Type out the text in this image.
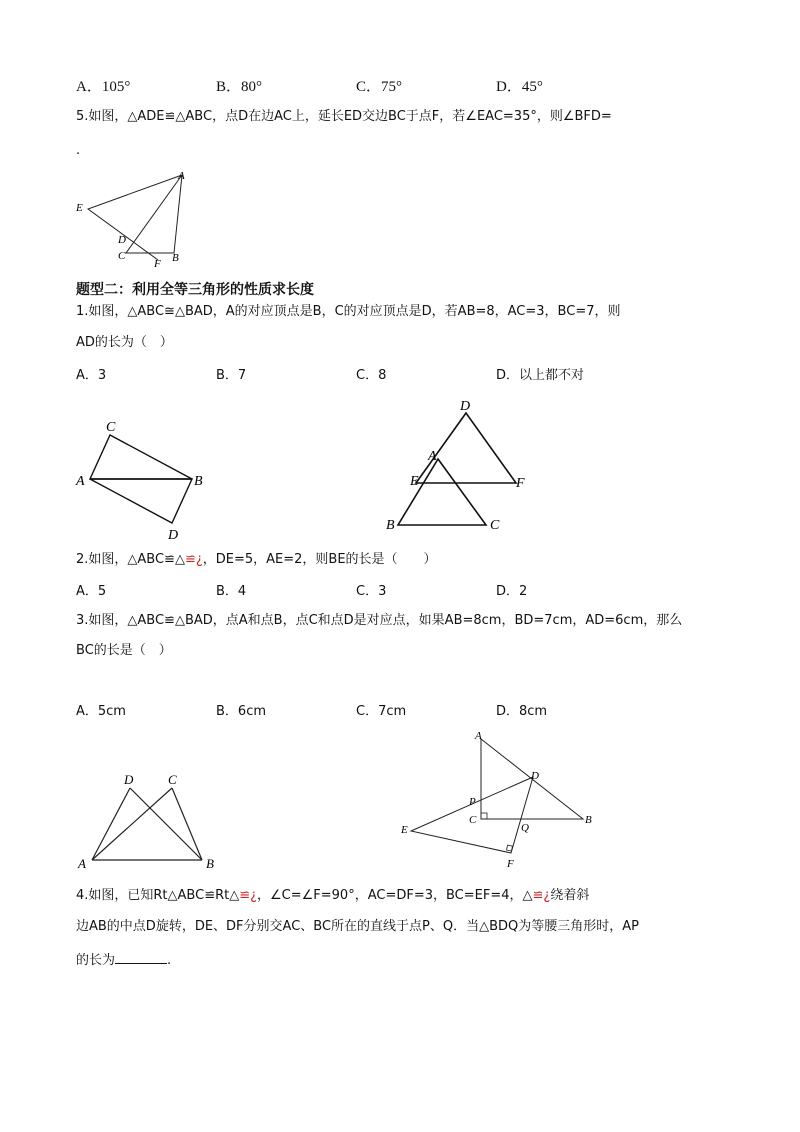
A．105°	B．80°	C．75°	D．45°
5.如图，△ADE≌△ABC，点D在边AC上，延长ED交边BC于点F，若∠EAC=35°，则∠BFD=
.
A
E
D
C
F B
题型二：利用全等三角形的性质求长度
1.如图，△ABC≅△BAD，A的对应顶点是B，C的对应顶点是D，若AB=8，AC=3，BC=7，则
AD的长为（　）
A．3	B．7	C．8	D．以上都不对
C
A	B
D
D
A
E	F
B	C
2.如图，△ABC≌△≌¿，DE=5，AE=2，则BE的长是（　　）
A．5	B．4	C．3	D．2
3.如图，△ABC≌△BAD，点A和点B，点C和点D是对应点，如果AB=8cm，BD=7cm，AD=6cm，那么
BC的长是（　）
A．5cm	B．6cm	C．7cm	D．8cm
D	C
A	B
A
D
P
C
Q
B
E
F
4.如图，已知Rt△ABC≌Rt△≌¿，∠C=∠F=90°，AC=DF=3，BC=EF=4，△≌¿绕着斜
边AB的中点D旋转，DE、DF分别交AC、BC所在的直线于点P、Q．当△BDQ为等腰三角形时，AP
的长为	.
